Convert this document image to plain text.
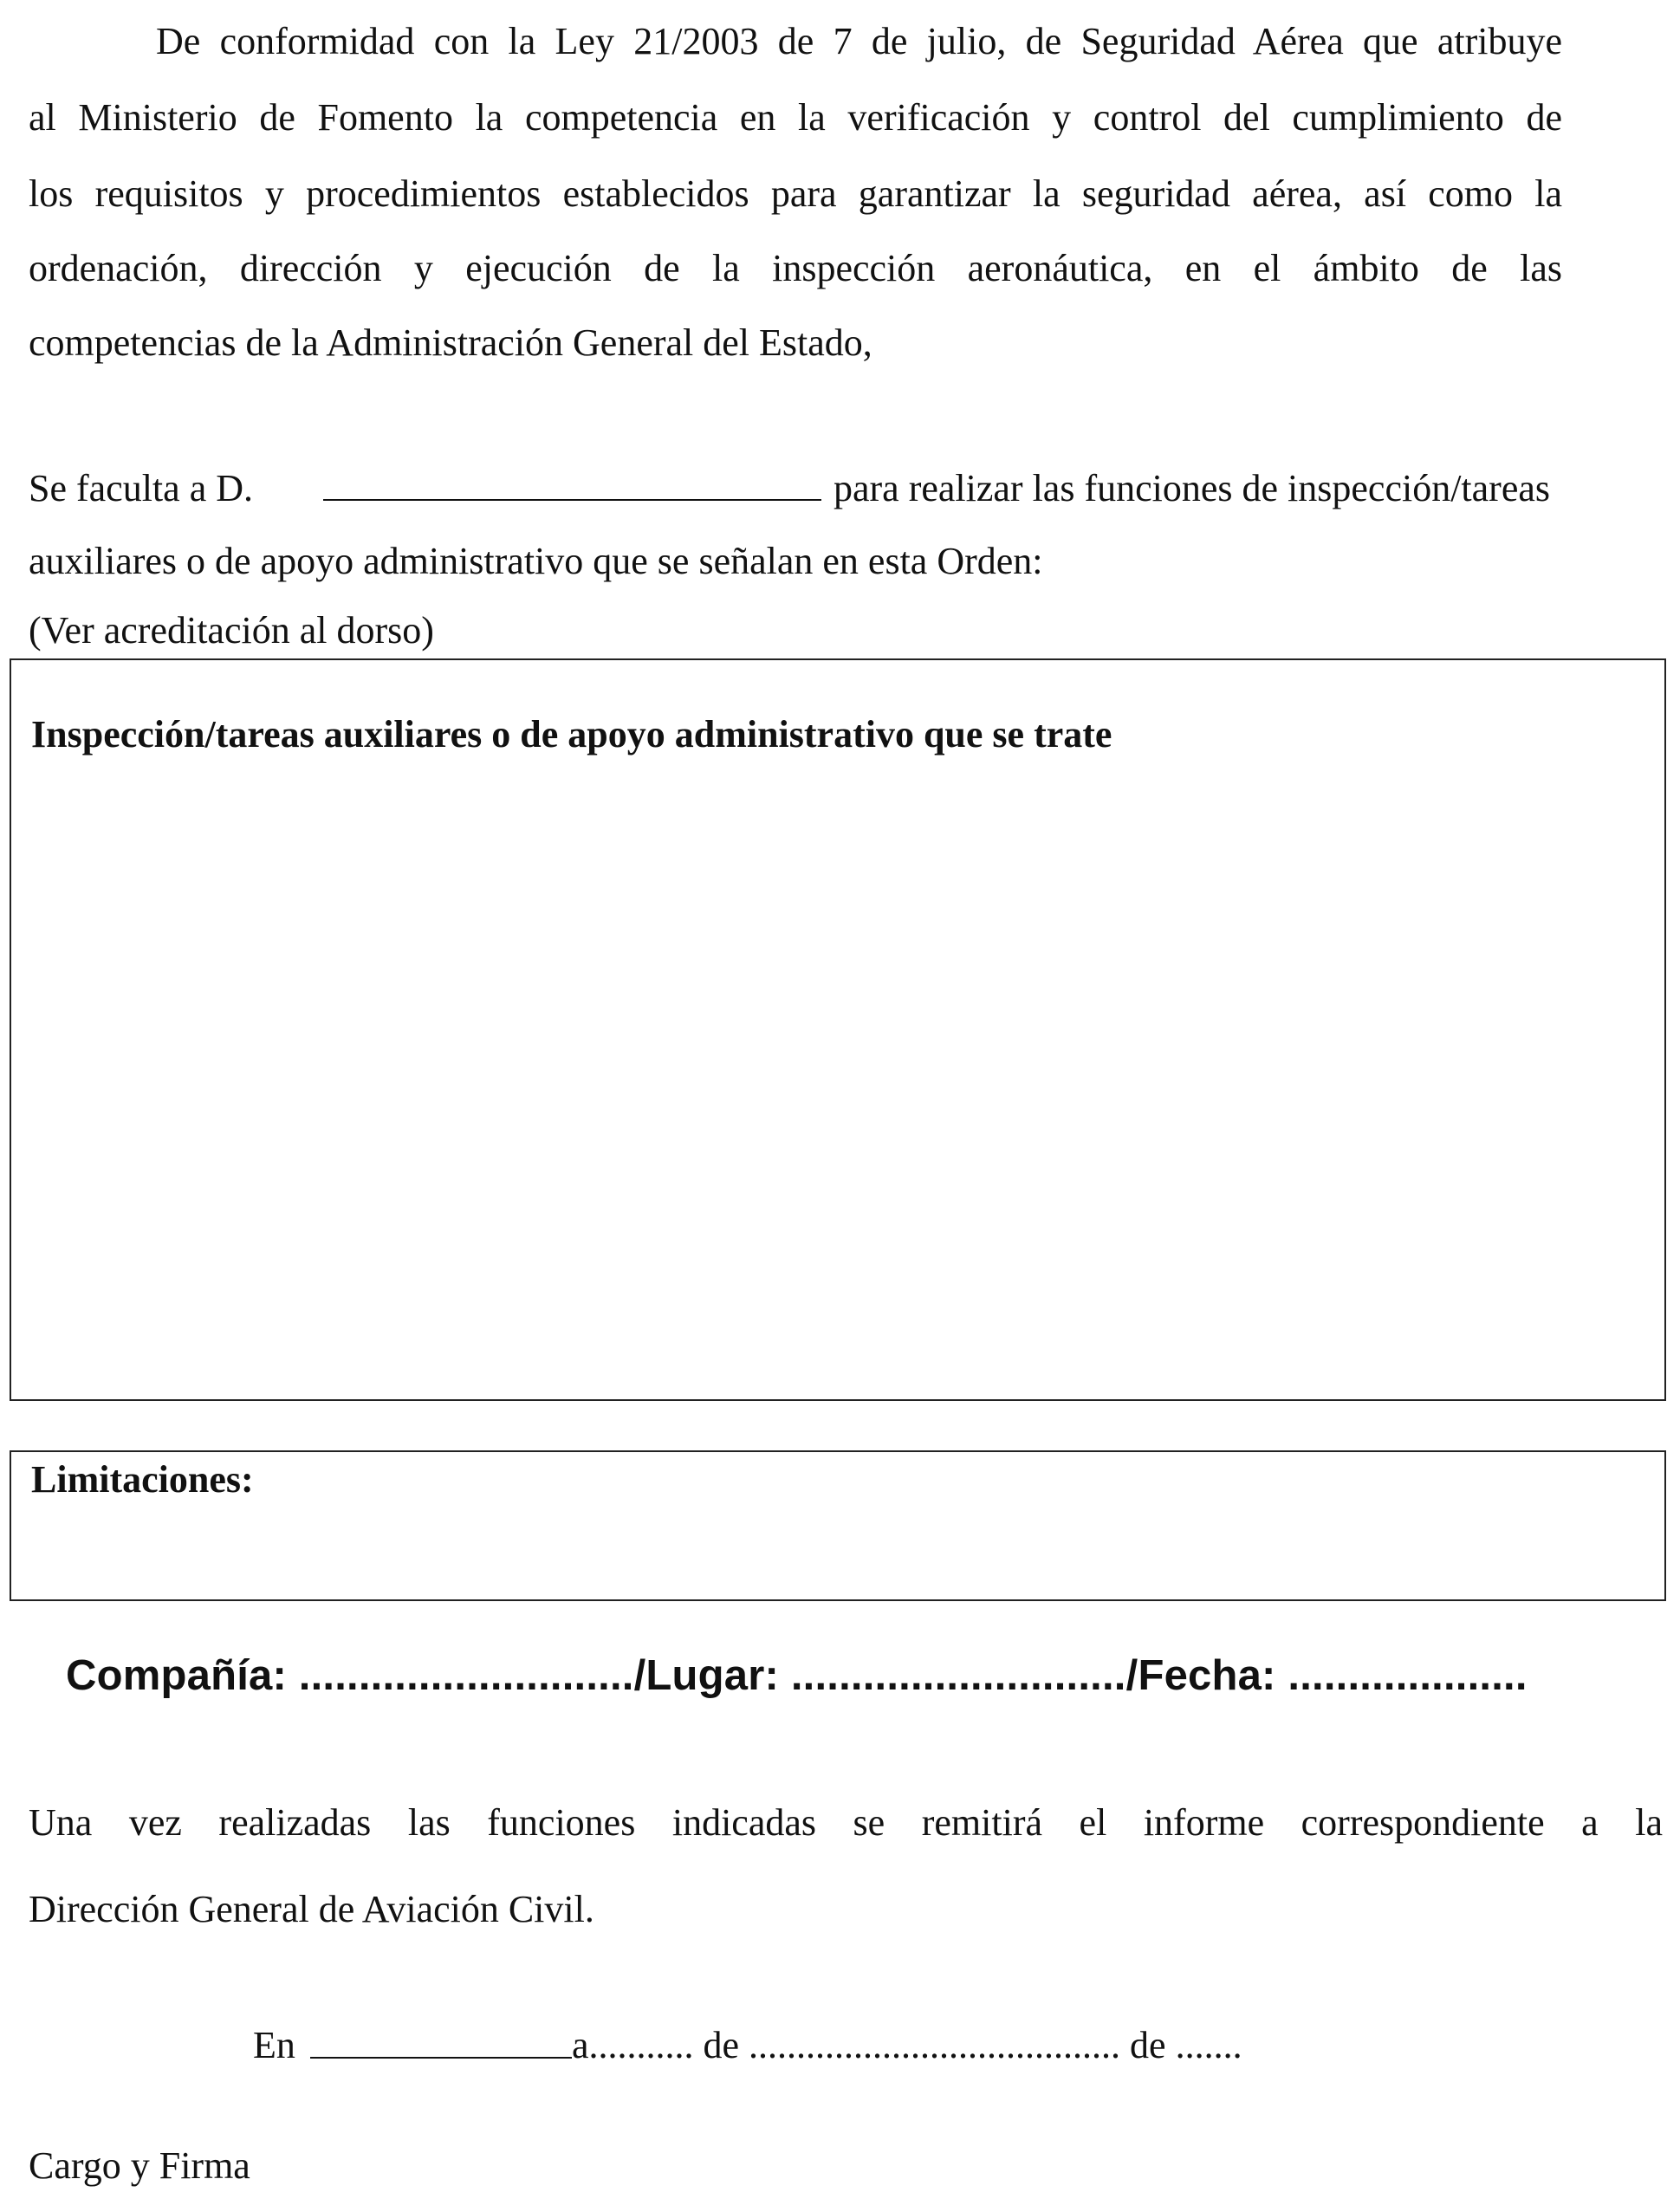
De conformidad con la Ley 21/2003 de 7 de julio, de Seguridad Aérea que atribuye
al Ministerio de Fomento la competencia en la verificación y control del cumplimiento de
los requisitos y procedimientos establecidos para garantizar la seguridad aérea, así como la
ordenación, dirección y ejecución de la inspección aeronáutica, en el ámbito de las
competencias de la Administración General del Estado,
Se faculta a D.	para realizar las funciones de inspección/tareas
auxiliares o de apoyo administrativo que se señalan en esta Orden:
(Ver acreditación al dorso)
Inspección/tareas auxiliares o de apoyo administrativo que se trate
Limitaciones:
Compañía: ............................/Lugar: ............................/Fecha: ....................
Una vez realizadas las funciones indicadas se remitirá el informe correspondiente a la
Dirección General de Aviación Civil.
En	a........... de ....................................... de .......
Cargo y Firma
